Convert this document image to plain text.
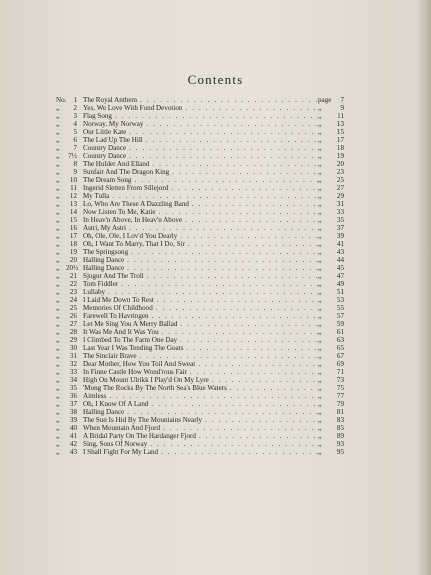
Contents
No. 1 The Royal Anthem . . .	page	7
„	2 Yes, We Love With Fond Devotion . . .	„	9
„	3 Flag Song . . .	„	11
„	4 Norway, My Norway . . .	„	13
„	5 Our Little Kate . . .	„	15
„	6 The Lad Up The Hill . . .	„	17
„	7 Country Dance . . .	„	18
„	7½ Country Dance . . .	„	19
„	8 The Hulder And Elland . . .	„	20
„	9 Sunfair And The Dragon King . . .	„	23
„	10 The Dream Song . . .	„	25
„	11 Ingerid Sletten From Sillejord . . .	„	27
„	12 My Tulla . . .	„	29
„	13 Lo, Who Are These A Dazzling Band . . .	„	31
„	14 Now Listen To Me, Katie . . .	„	33
„	15 In Heav'n Above, In Heav'n Above . . .	„	35
„	16 Astri, My Astri . . .	„	37
„	17 Oh, Ole, Ole, I Lov'd You Dearly . . .	„	39
„	18 Oh, I Want To Marry, That I Do, Sir . . .	„	41
„	19 The Springsong . . .	„	43
„	20 Halling Dance . . .	„	44
„ 20½ Halling Dance . . .	„	45
„	21 Sjugur And The Troll . . .	„	47
„	22 Tom Fiddler . . .	„	49
„	23 Lullaby . . .	„	51
„	24 I Laid Me Down To Rest . . .	„	53
„	25 Memories Of Childhood . . .	„	55
„	26 Farewell To Havringen . . .	„	57
„	27 Let Me Sing You A Merry Ballad . . .	„	59
„	28 It Was Me And It Was You . . .	„	61
„	29 I Climbed To The Farm One Day . . .	„	63
„	30 Last Year I Was Tending The Goats . . .	„	65
„	31 The Sinclair Brave . . .	„	67
„	32 Dear Mother, How You Toil And Sweat . . .	„	69
„	33 In Finne Castle How Wond'rous Fair . . .	„	71
„	34 High On Mount Ulrikk I Play'd On My Lyre . . .	„	73
„	35 'Mong The Rocks By The North Sea's Blue Waters . . .	„	75
„	36 Aimless . . .	„	77
„	37 Oh, I Know Of A Land . . .	„	79
„	38 Halling Dance . . .	„	81
„	39 The Sun Is Hid By The Mountains Nearly . . .	„	83
„	40 When Mountain And Fjord . . .	„	85
„	41 A Bridal Party On The Hardanger Fjord . . .	„	89
„	42 Sing, Sons Of Norway . . .	„	93
„	43 I Shall Fight For My Land . . .	„	95
